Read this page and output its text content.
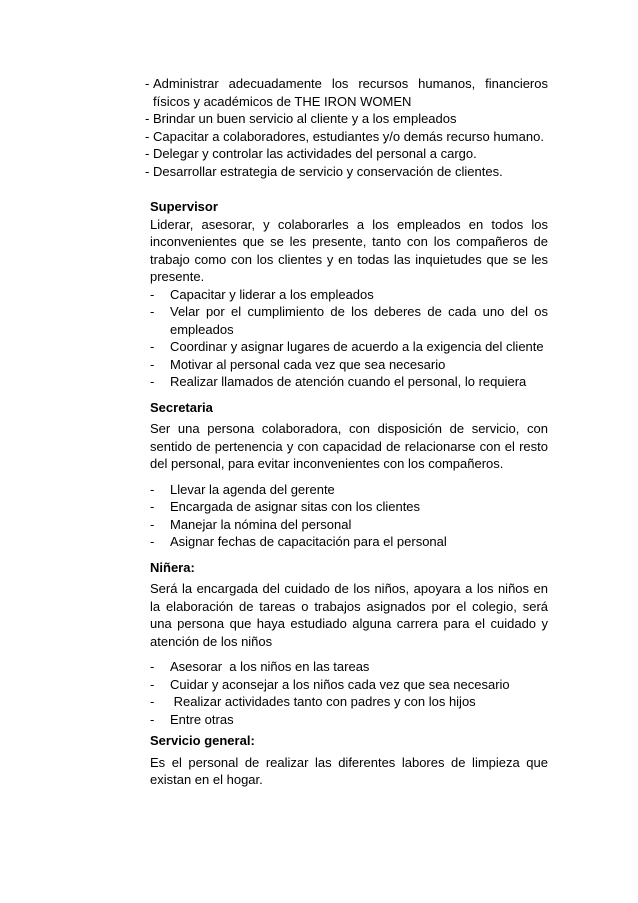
- Administrar adecuadamente los recursos humanos, financieros físicos y académicos de THE IRON WOMEN
- Brindar un buen servicio al cliente y a los empleados
- Capacitar a colaboradores, estudiantes y/o demás recurso humano.
- Delegar y controlar las actividades del personal a cargo.
- Desarrollar estrategia de servicio y conservación de clientes.

Supervisor

Liderar, asesorar, y colaborarles a los empleados en todos los inconvenientes que se les presente, tanto con los compañeros de trabajo como con los clientes y en todas las inquietudes que se les presente.

- Capacitar y liderar a los empleados
- Velar por el cumplimiento de los deberes de cada uno del os empleados
- Coordinar y asignar lugares de acuerdo a la exigencia del cliente
- Motivar al personal cada vez que sea necesario
- Realizar llamados de atención cuando el personal, lo requiera

Secretaria

Ser una persona colaboradora, con disposición de servicio, con sentido de pertenencia y con capacidad de relacionarse con el resto del personal, para evitar inconvenientes con los compañeros.

- Llevar la agenda del gerente
- Encargada de asignar sitas con los clientes
- Manejar la nómina del personal
- Asignar fechas de capacitación para el personal

Niñera:

Será la encargada del cuidado de los niños, apoyara a los niños en la elaboración de tareas o trabajos asignados por el colegio, será una persona que haya estudiado alguna carrera para el cuidado y atención de los niños

- Asesorar  a los niños en las tareas
- Cuidar y aconsejar a los niños cada vez que sea necesario
- Realizar actividades tanto con padres y con los hijos
- Entre otras

Servicio general:

Es el personal de realizar las diferentes labores de limpieza que existan en el hogar.
